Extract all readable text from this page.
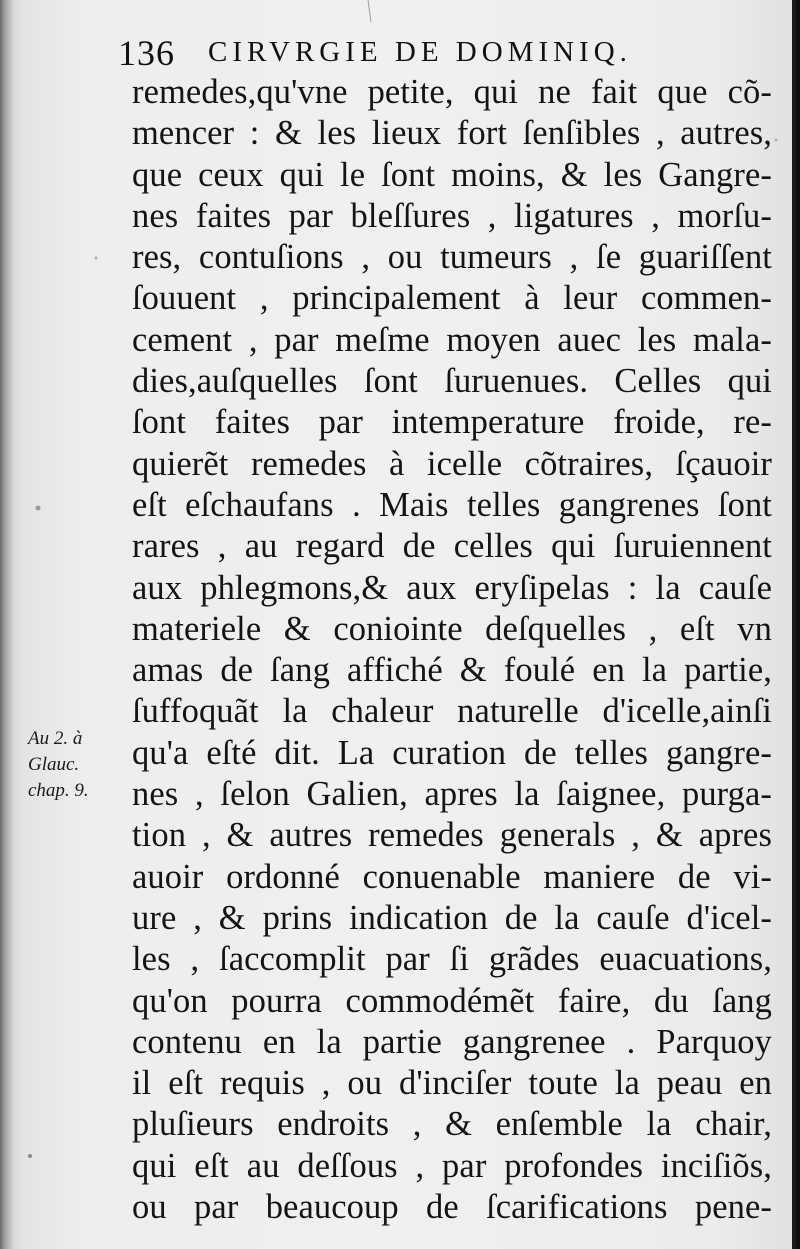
136 CIRVRGIE DE DOMINIQ.
Au 2. à
Glauc.
chap. 9.
remedes,qu'vne petite, qui ne fait que cõ-
mencer : & les lieux fort ſenſibles , autres,
que ceux qui le ſont moins, & les Gangre-
nes faites par bleſſures , ligatures , morſu-
res, contuſions , ou tumeurs , ſe guariſſent
ſouuent , principalement à leur commen-
cement , par meſme moyen auec les mala-
dies,auſquelles ſont ſuruenues. Celles qui
ſont faites par intemperature froide, re-
quierẽt remedes à icelle cõtraires, ſçauoir
eſt eſchaufans . Mais telles gangrenes ſont
rares , au regard de celles qui ſuruiennent
aux phlegmons,& aux eryſipelas : la cauſe
materiele & coniointe deſquelles , eſt vn
amas de ſang affiché & foulé en la partie,
ſuffoquãt la chaleur naturelle d'icelle,ainſi
qu'a eſté dit. La curation de telles gangre-
nes , ſelon Galien, apres la ſaignee, purga-
tion , & autres remedes generals , & apres
auoir ordonné conuenable maniere de vi-
ure , & prins indication de la cauſe d'icel-
les , ſaccomplit par ſi grãdes euacuations,
qu'on pourra commodémẽt faire, du ſang
contenu en la partie gangrenee . Parquoy
il eſt requis , ou d'inciſer toute la peau en
pluſieurs endroits , & enſemble la chair,
qui eſt au deſſous , par profondes inciſiõs,
ou par beaucoup de ſcarifications pene-
